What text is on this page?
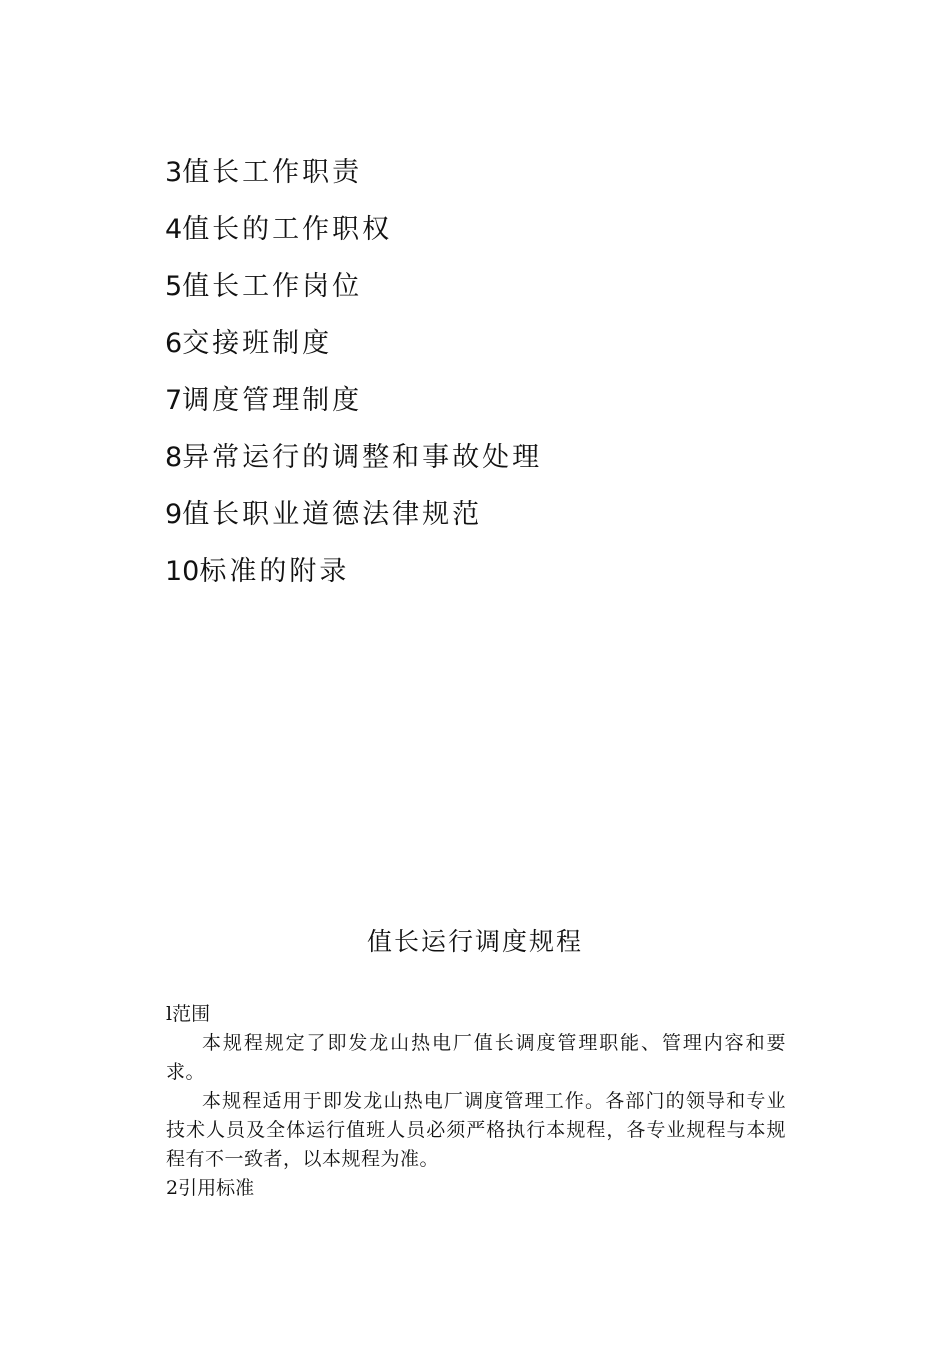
3值长工作职责
4值长的工作职权
5值长工作岗位
6交接班制度
7调度管理制度
8异常运行的调整和事故处理
9值长职业道德法律规范
10标准的附录
值长运行调度规程
l范围

本规程规定了即发龙山热电厂值长调度管理职能、管理内容和要求。

本规程适用于即发龙山热电厂调度管理工作。各部门的领导和专业技术人员及全体运行值班人员必须严格执行本规程，各专业规程与本规程有不一致者，以本规程为准。

2引用标准
